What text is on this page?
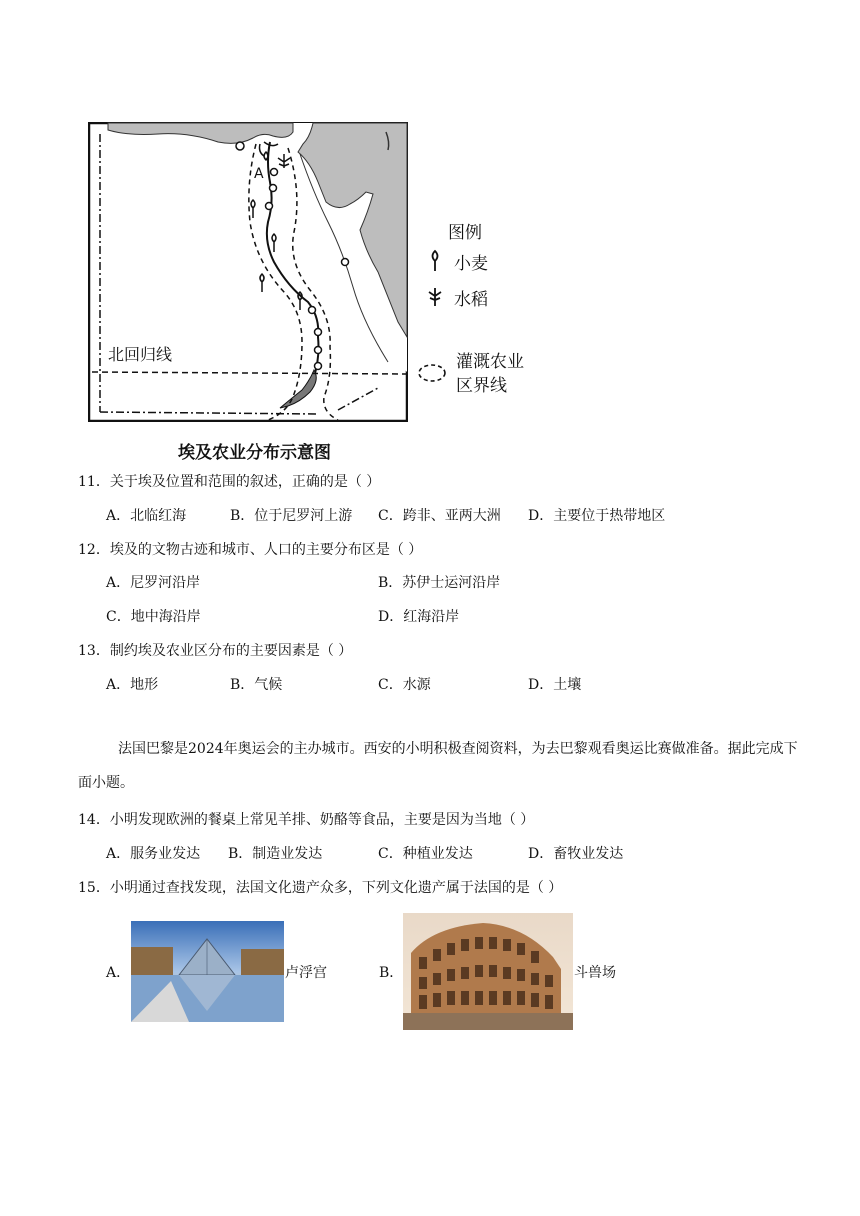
A
北回归线
图例
小麦
水稻
灌溉农业
区界线
埃及农业分布示意图
11．关于埃及位置和范围的叙述，正确的是（ ）
A．北临红海	B．位于尼罗河上游 C．跨非、亚两大洲 D．主要位于热带地区
12．埃及的文物古迹和城市、人口的主要分布区是（ ）
A．尼罗河沿岸	B．苏伊士运河沿岸
C．地中海沿岸	D．红海沿岸
13．制约埃及农业区分布的主要因素是（ ）
A．地形	B．气候	C．水源	D．土壤
法国巴黎是2024年奥运会的主办城市。西安的小明积极查阅资料，为去巴黎观看奥运比赛做准备。据此完成下面小题。
14．小明发现欧洲的餐桌上常见羊排、奶酪等食品，主要是因为当地（ ）
A．服务业发达 B．制造业发达	C．种植业发达	D．畜牧业发达
15．小明通过查找发现，法国文化遗产众多，下列文化遗产属于法国的是（ ）
A．	卢浮宫	B．	斗兽场
